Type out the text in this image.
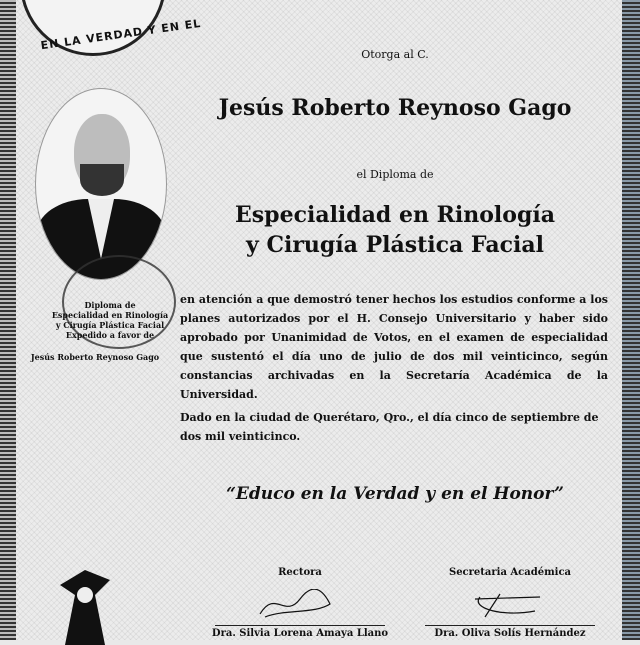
EN LA VERDAD Y EN EL
Diploma de
Especialidad en Rinología
y Cirugía Plástica Facial
Expedido a favor de
Jesús Roberto Reynoso Gago
Otorga al C.
Jesús Roberto Reynoso Gago
el Diploma de
Especialidad en Rinología
y Cirugía Plástica Facial
en atención a que demostró tener hechos los estudios conforme a los planes autorizados por el H. Consejo Universitario y haber sido aprobado por Unanimidad de Votos, en el examen de especialidad que sustentó el día uno de julio de dos mil veinticinco, según constancias archivadas en la Secretaría Académica de la Universidad.
Dado en la ciudad de Querétaro, Qro., el día cinco de septiembre de dos mil veinticinco.
“Educo en la Verdad y en el Honor”
Rectora
Dra. Silvia Lorena Amaya Llano
Secretaria Académica
Dra. Oliva Solís Hernández
